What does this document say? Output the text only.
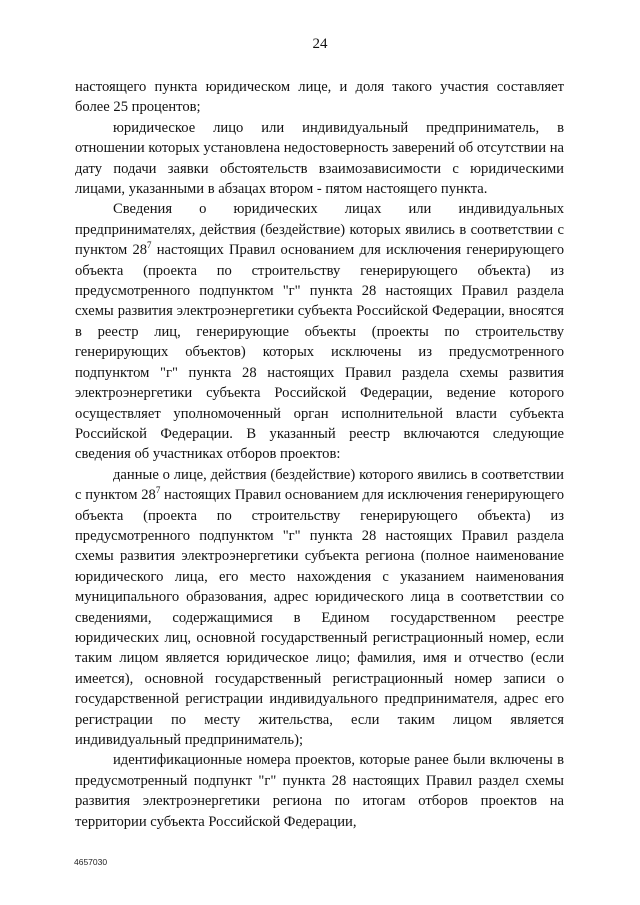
24

настоящего пункта юридическом лице, и доля такого участия составляет более 25 процентов;

юридическое лицо или индивидуальный предприниматель, в отношении которых установлена недостоверность заверений об отсутствии на дату подачи заявки обстоятельств взаимозависимости с юридическими лицами, указанными в абзацах втором - пятом настоящего пункта.

Сведения о юридических лицах или индивидуальных предпринимателях, действия (бездействие) которых явились в соответствии с пунктом $28^7$ настоящих Правил основанием для исключения генерирующего объекта (проекта по строительству генерирующего объекта) из предусмотренного подпунктом "г" пункта 28 настоящих Правил раздела схемы развития электроэнергетики субъекта Российской Федерации, вносятся в реестр лиц, генерирующие объекты (проекты по строительству генерирующих объектов) которых исключены из предусмотренного подпунктом "г" пункта 28 настоящих Правил раздела схемы развития электроэнергетики субъекта Российской Федерации, ведение которого осуществляет уполномоченный орган исполнительной власти субъекта Российской Федерации. В указанный реестр включаются следующие сведения об участниках отборов проектов:

данные о лице, действия (бездействие) которого явились в соответствии с пунктом $28^7$ настоящих Правил основанием для исключения генерирующего объекта (проекта по строительству генерирующего объекта) из предусмотренного подпунктом "г" пункта 28 настоящих Правил раздела схемы развития электроэнергетики субъекта региона (полное наименование юридического лица, его место нахождения с указанием наименования муниципального образования, адрес юридического лица в соответствии со сведениями, содержащимися в Едином государственном реестре юридических лиц, основной государственный регистрационный номер, если таким лицом является юридическое лицо; фамилия, имя и отчество (если имеется), основной государственный регистрационный номер записи о государственной регистрации индивидуального предпринимателя, адрес его регистрации по месту жительства, если таким лицом является индивидуальный предприниматель);

идентификационные номера проектов, которые ранее были включены в предусмотренный подпункт "г" пункта 28 настоящих Правил раздел схемы развития электроэнергетики региона по итогам отборов проектов на территории субъекта Российской Федерации,

4657030
